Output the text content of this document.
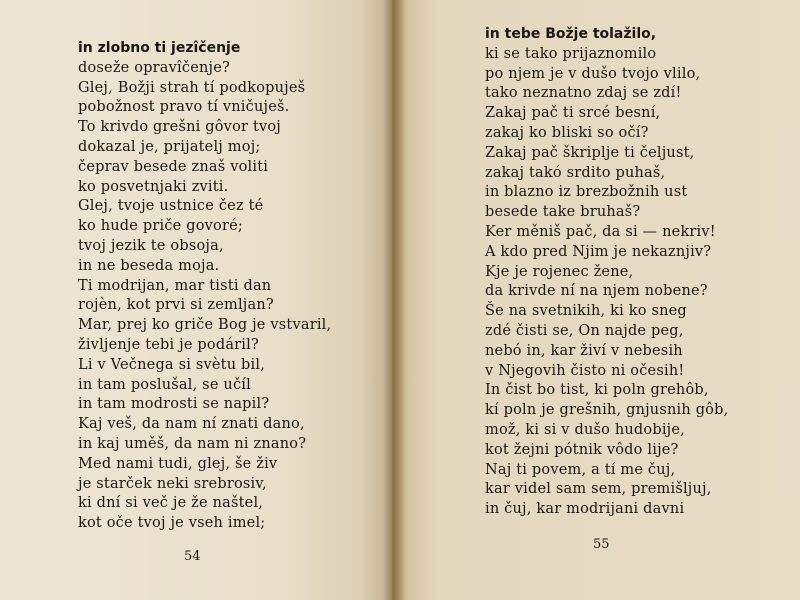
in zlobno ti jezîčenje
doseže opravîčenje?
Glej, Božji strah tí podkopuješ
pobožnost pravo tí vničuješ.
To krivdo grešni gôvor tvoj
dokazal je, prijatelj moj;
čeprav besede znaš voliti
ko posvetnjaki zviti.
Glej, tvoje ustnice čez té
ko hude priče govoré;
tvoj jezik te obsoja,
in ne beseda moja.
Ti modrijan, mar tisti dan
rojèn, kot prvi si zemljan?
Mar, prej ko griče Bog je vstvaril,
življenje tebi je podáril?
Li v Večnega si svètu bil,
in tam poslušal, se učíl
in tam modrosti se napil?
Kaj veš, da nam ní znati dano,
in kaj uměš, da nam ni znano?
Med nami tudi, glej, še živ
je starček neki srebrosiv,
ki dní si več je že naštel,
kot oče tvoj je vseh imel;
54
in tebe Božje tolažilo,
ki se tako prijaznomilo
po njem je v dušo tvojo vlilo,
tako neznatno zdaj se zdí!
Zakaj pač ti srcé besní,
zakaj ko bliski so očí?
Zakaj pač škriplje ti čeljust,
zakaj takó srdito puhaš,
in blazno iz brezbožnih ust
besede take bruhaš?
Ker měniš pač, da si — nekriv!
A kdo pred Njim je nekaznjiv?
Kje je rojenec žene,
da krivde ní na njem nobene?
Še na svetnikih, ki ko sneg
zdé čisti se, On najde peg,
nebó in, kar živí v nebesih
v Njegovih čisto ni očesih!
In čist bo tist, ki poln grehôb,
kí poln je grešnih, gnjusnih gôb,
mož, ki si v dušo hudobije,
kot žejni pótnik vôdo lije?
Naj ti povem, a tí me čuj,
kar videl sam sem, premišljuj,
in čuj, kar modrijani davni
55
